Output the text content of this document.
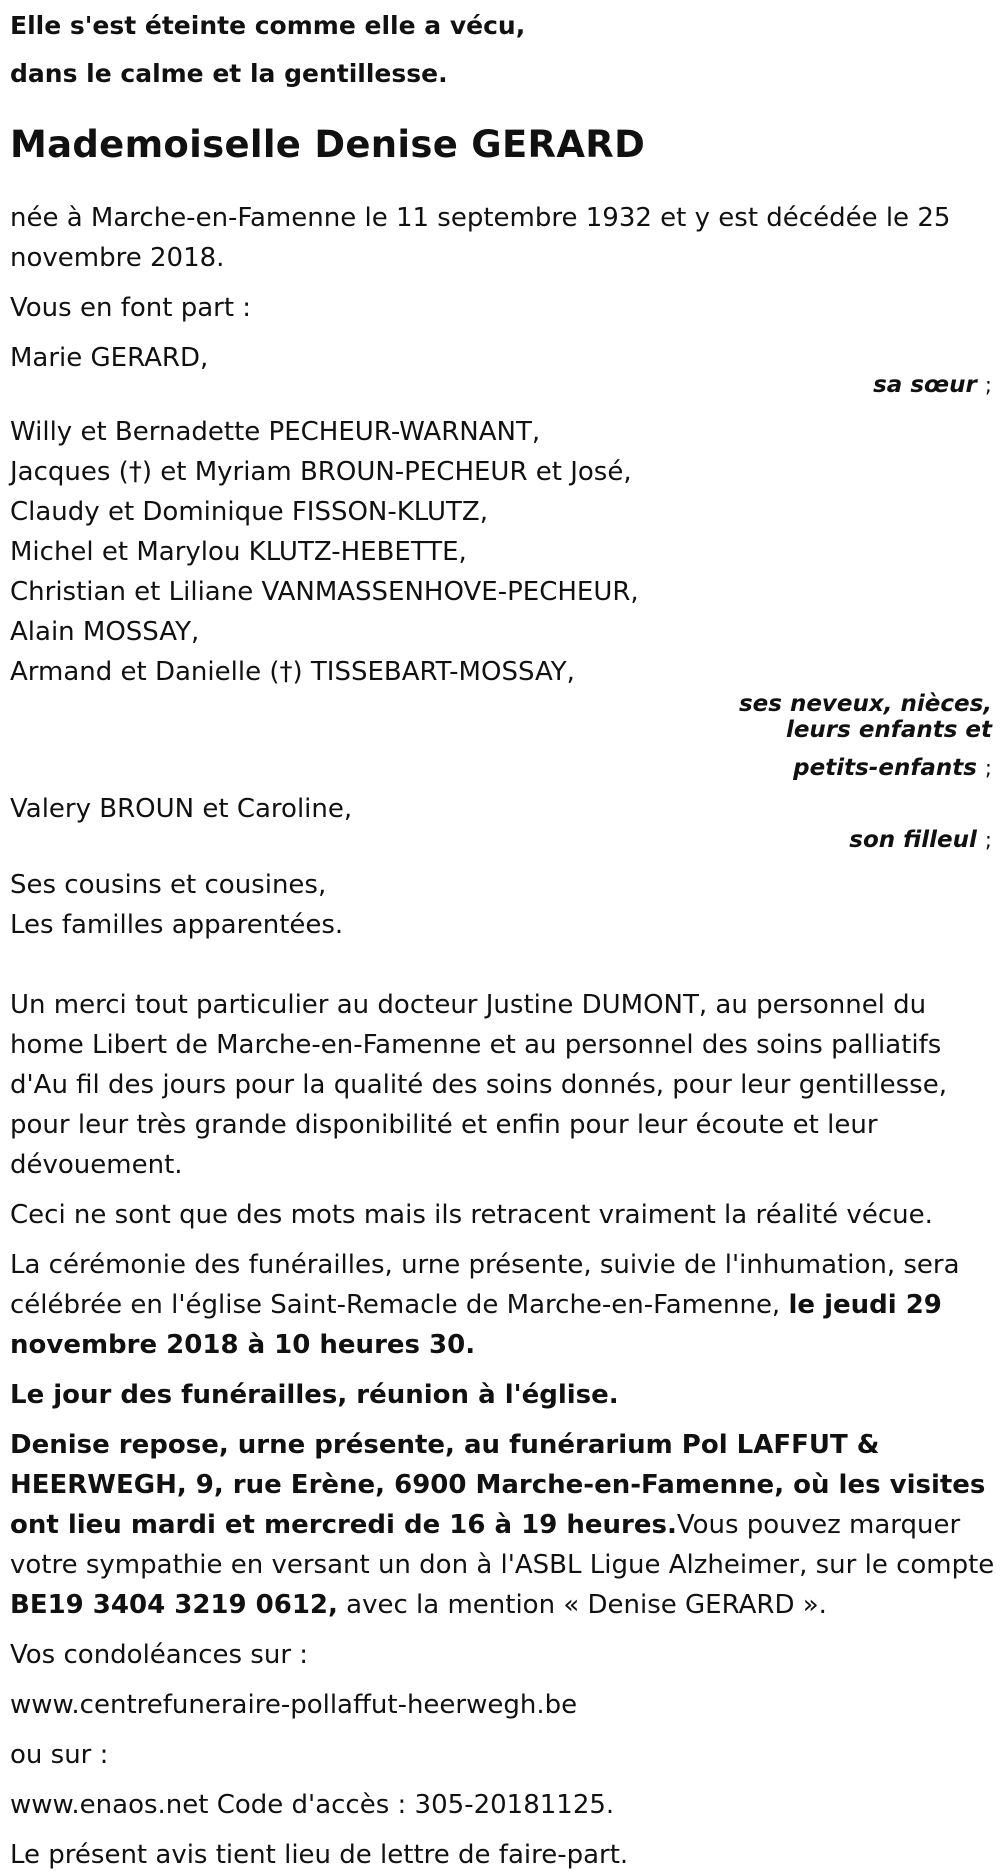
Elle s'est éteinte comme elle a vécu,
dans le calme et la gentillesse.
Mademoiselle Denise GERARD

née à Marche-en-Famenne le 11 septembre 1932 et y est décédée le 25 novembre 2018.

Vous en font part :

Marie GERARD,
sa sœur ;
Willy et Bernadette PECHEUR-WARNANT,
Jacques (†) et Myriam BROUN-PECHEUR et José,
Claudy et Dominique FISSON-KLUTZ,
Michel et Marylou KLUTZ-HEBETTE,
Christian et Liliane VANMASSENHOVE-PECHEUR,
Alain MOSSAY,
Armand et Danielle (†) TISSEBART-MOSSAY,
ses neveux, nièces,
leurs enfants et
petits-enfants ;
Valery BROUN et Caroline,
son filleul ;
Ses cousins et cousines,
Les familles apparentées.

Un merci tout particulier au docteur Justine DUMONT, au personnel du home Libert de Marche-en-Famenne et au personnel des soins palliatifs d'Au fil des jours pour la qualité des soins donnés, pour leur gentillesse, pour leur très grande disponibilité et enfin pour leur écoute et leur dévouement.

Ceci ne sont que des mots mais ils retracent vraiment la réalité vécue.

La cérémonie des funérailles, urne présente, suivie de l'inhumation, sera célébrée en l'église Saint-Remacle de Marche-en-Famenne, le jeudi 29 novembre 2018 à 10 heures 30.

Le jour des funérailles, réunion à l'église.

Denise repose, urne présente, au funérarium Pol LAFFUT & HEERWEGH, 9, rue Erène, 6900 Marche-en-Famenne, où les visites ont lieu mardi et mercredi de 16 à 19 heures.Vous pouvez marquer votre sympathie en versant un don à l'ASBL Ligue Alzheimer, sur le compte BE19 3404 3219 0612, avec la mention « Denise GERARD ».

Vos condoléances sur :

www.centrefuneraire-pollaffut-heerwegh.be

ou sur :

www.enaos.net Code d'accès : 305-20181125.

Le présent avis tient lieu de lettre de faire-part.
